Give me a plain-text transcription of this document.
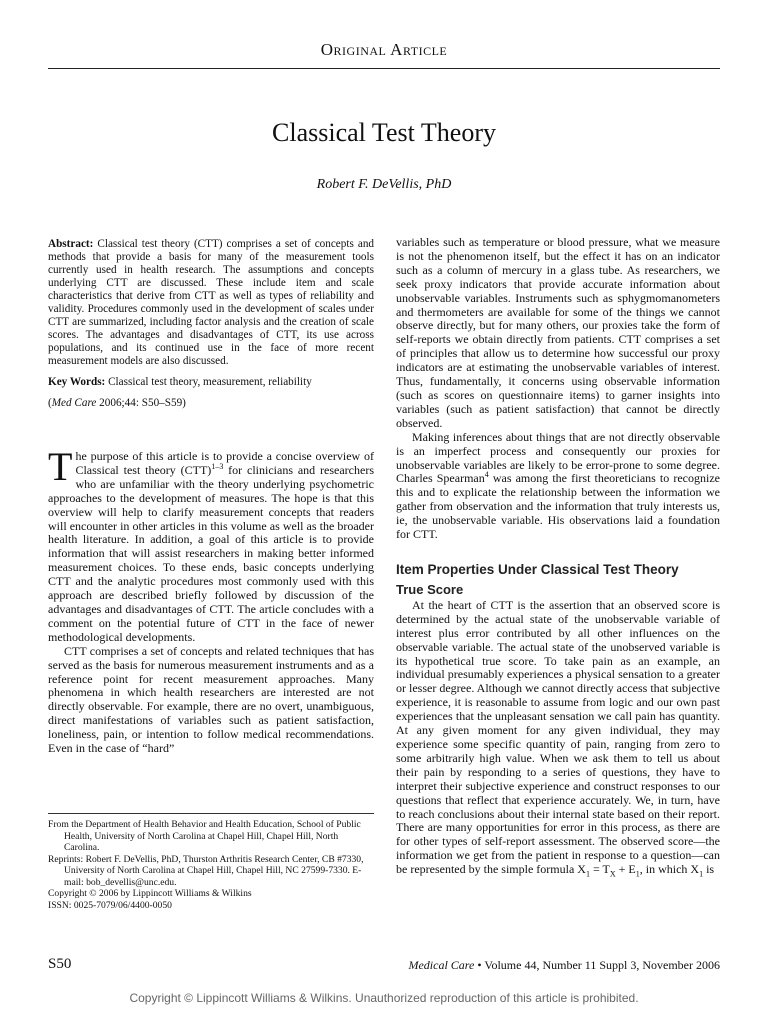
Original Article
Classical Test Theory
Robert F. DeVellis, PhD

Abstract: Classical test theory (CTT) comprises a set of concepts and methods that provide a basis for many of the measurement tools currently used in health research. The assumptions and concepts underlying CTT are discussed. These include item and scale characteristics that derive from CTT as well as types of reliability and validity. Procedures commonly used in the development of scales under CTT are summarized, including factor analysis and the creation of scale scores. The advantages and disadvantages of CTT, its use across populations, and its continued use in the face of more recent measurement models are also discussed.

Key Words: Classical test theory, measurement, reliability

(Med Care 2006;44: S50–S59)

The purpose of this article is to provide a concise overview of Classical test theory (CTT)$^{1-3}$ for clinicians and researchers who are unfamiliar with the theory underlying psychometric approaches to the development of measures. The hope is that this overview will help to clarify measurement concepts that readers will encounter in other articles in this volume as well as the broader health literature. In addition, a goal of this article is to provide information that will assist researchers in making better informed measurement choices. To these ends, basic concepts underlying CTT and the analytic procedures most commonly used with this approach are described briefly followed by discussion of the advantages and disadvantages of CTT. The article concludes with a comment on the potential future of CTT in the face of newer methodological developments.

CTT comprises a set of concepts and related techniques that has served as the basis for numerous measurement instruments and as a reference point for recent measurement approaches. Many phenomena in which health researchers are interested are not directly observable. For example, there are no overt, unambiguous, direct manifestations of variables such as patient satisfaction, loneliness, pain, or intention to follow medical recommendations. Even in the case of “hard”

From the Department of Health Behavior and Health Education, School of Public Health, University of North Carolina at Chapel Hill, Chapel Hill, North Carolina.

Reprints: Robert F. DeVellis, PhD, Thurston Arthritis Research Center, CB #7330, University of North Carolina at Chapel Hill, Chapel Hill, NC 27599-7330. E-mail: bob_devellis@unc.edu.

Copyright © 2006 by Lippincott Williams & Wilkins

ISSN: 0025-7079/06/4400-0050

variables such as temperature or blood pressure, what we measure is not the phenomenon itself, but the effect it has on an indicator such as a column of mercury in a glass tube. As researchers, we seek proxy indicators that provide accurate information about unobservable variables. Instruments such as sphygmomanometers and thermometers are available for some of the things we cannot observe directly, but for many others, our proxies take the form of self-reports we obtain directly from patients. CTT comprises a set of principles that allow us to determine how successful our proxy indicators are at estimating the unobservable variables of interest. Thus, fundamentally, it concerns using observable information (such as scores on questionnaire items) to garner insights into variables (such as patient satisfaction) that cannot be directly observed.

Making inferences about things that are not directly observable is an imperfect process and consequently our proxies for unobservable variables are likely to be error-prone to some degree. Charles Spearman$^4$ was among the first theoreticians to recognize this and to explicate the relationship between the information we gather from observation and the information that truly interests us, ie, the unobservable variable. His observations laid a foundation for CTT.

Item Properties Under Classical Test Theory
True Score

At the heart of CTT is the assertion that an observed score is determined by the actual state of the unobservable variable of interest plus error contributed by all other influences on the observable variable. The actual state of the unobserved variable is its hypothetical true score. To take pain as an example, an individual presumably experiences a physical sensation to a greater or lesser degree. Although we cannot directly access that subjective experience, it is reasonable to assume from logic and our own past experiences that the unpleasant sensation we call pain has quantity. At any given moment for any given individual, they may experience some specific quantity of pain, ranging from zero to some arbitrarily high value. When we ask them to tell us about their pain by responding to a series of questions, they have to interpret their subjective experience and construct responses to our questions that reflect that experience accurately. We, in turn, have to reach conclusions about their internal state based on their report. There are many opportunities for error in this process, as there are for other types of self-report assessment. The observed score—the information we get from the patient in response to a question—can be represented by the simple formula $X_1 = T_X + E_1$, in which $X_1$ is

S50	Medical Care • Volume 44, Number 11 Suppl 3, November 2006
Copyright © Lippincott Williams & Wilkins. Unauthorized reproduction of this article is prohibited.
